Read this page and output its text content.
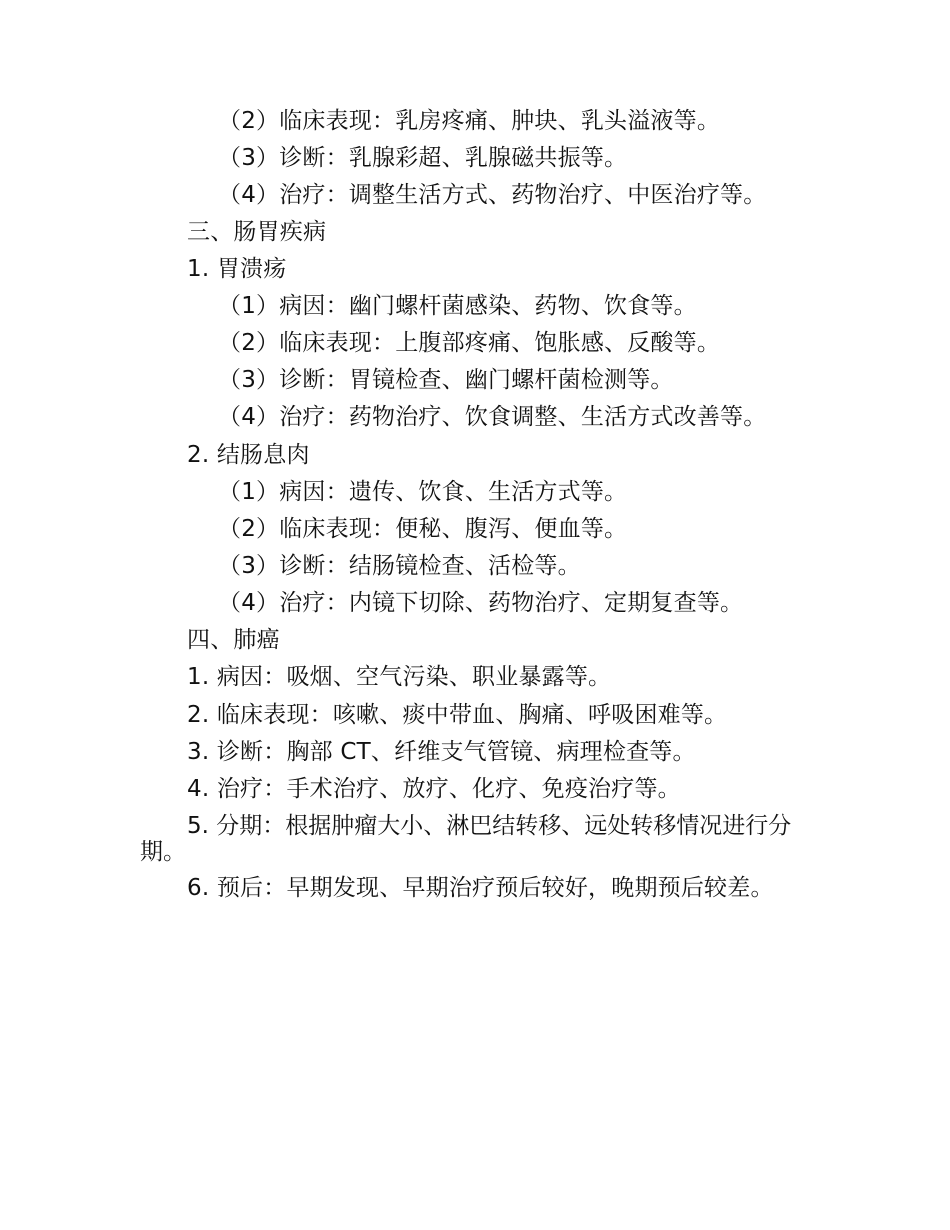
（2）临床表现：乳房疼痛、肿块、乳头溢液等。
（3）诊断：乳腺彩超、乳腺磁共振等。
（4）治疗：调整生活方式、药物治疗、中医治疗等。
三、肠胃疾病
1. 胃溃疡
（1）病因：幽门螺杆菌感染、药物、饮食等。
（2）临床表现：上腹部疼痛、饱胀感、反酸等。
（3）诊断：胃镜检查、幽门螺杆菌检测等。
（4）治疗：药物治疗、饮食调整、生活方式改善等。
2. 结肠息肉
（1）病因：遗传、饮食、生活方式等。
（2）临床表现：便秘、腹泻、便血等。
（3）诊断：结肠镜检查、活检等。
（4）治疗：内镜下切除、药物治疗、定期复查等。
四、肺癌
1. 病因：吸烟、空气污染、职业暴露等。
2. 临床表现：咳嗽、痰中带血、胸痛、呼吸困难等。
3. 诊断：胸部 CT、纤维支气管镜、病理检查等。
4. 治疗：手术治疗、放疗、化疗、免疫治疗等。
5. 分期：根据肿瘤大小、淋巴结转移、远处转移情况进行分期。
6. 预后：早期发现、早期治疗预后较好，晚期预后较差。
